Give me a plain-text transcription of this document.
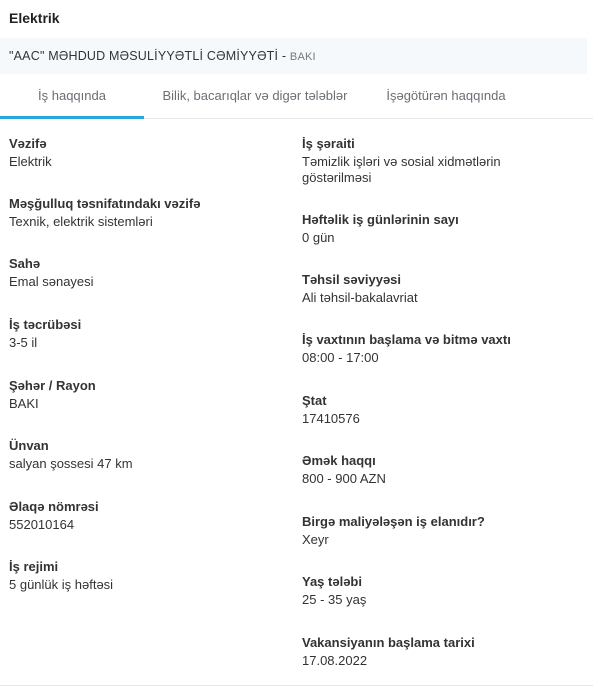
Elektrik
"AAC" MƏHDUD MƏSULİYYƏTLİ CƏMİYYƏTİ - BAKI
İş haqqında	Bilik, bacarıqlar və digər tələblər	İşəgötürən haqqında
Vəzifə
Elektrik
Məşğulluq təsnifatındakı vəzifə
Texnik, elektrik sistemləri
Sahə
Emal sənayesi
İş təcrübəsi
3-5 il
Şəhər / Rayon
BAKI
Ünvan
salyan şossesi 47 km
Əlaqə nömrəsi
552010164
İş rejimi
5 günlük iş həftəsi
İş şəraiti
Təmizlik işləri və sosial xidmətlərin göstərilməsi
Həftəlik iş günlərinin sayı
0 gün
Təhsil səviyyəsi
Ali təhsil-bakalavriat
İş vaxtının başlama və bitmə vaxtı
08:00 - 17:00
Ştat
17410576
Əmək haqqı
800 - 900 AZN
Birgə maliyələşən iş elanıdır?
Xeyr
Yaş tələbi
25 - 35 yaş
Vakansiyanın başlama tarixi
17.08.2022
